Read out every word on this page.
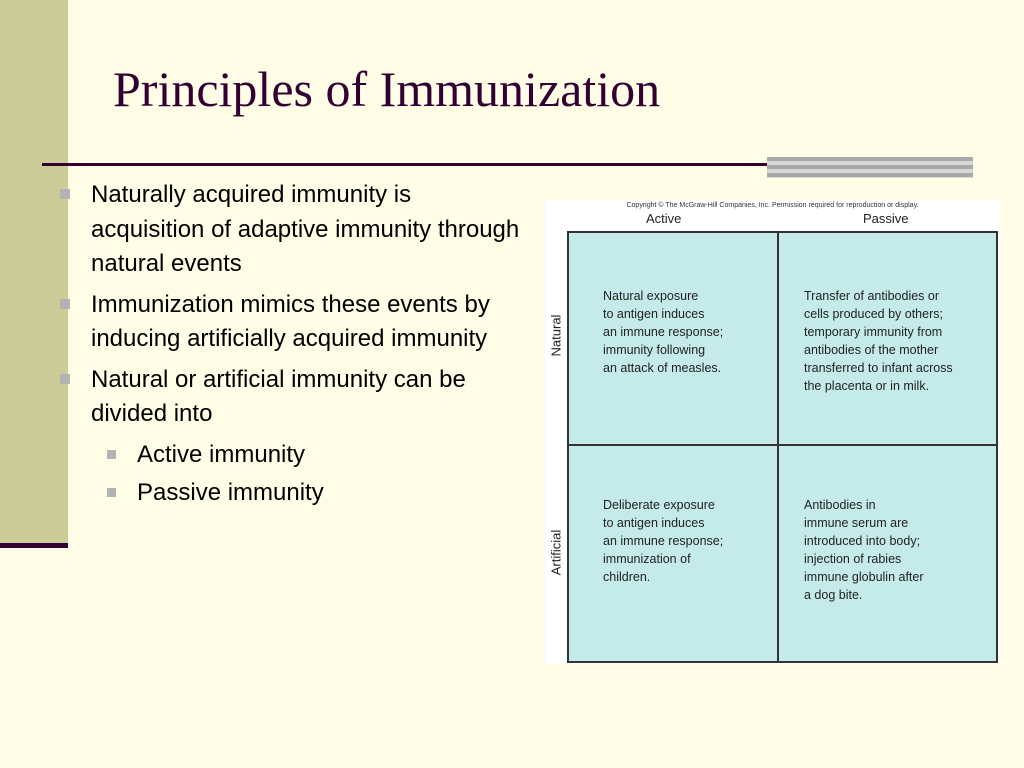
Principles of Immunization
Naturally acquired immunity is acquisition of adaptive immunity through natural events
Immunization mimics these events by inducing artificially acquired immunity
Natural or artificial immunity can be divided into
Active immunity
Passive immunity
Copyright © The McGraw-Hill Companies, Inc. Permission required for reproduction or display.
Active	Passive
Natural
Artificial
Natural exposure
to antigen induces
an immune response;
immunity following
an attack of measles.
Transfer of antibodies or
cells produced by others;
temporary immunity from
antibodies of the mother
transferred to infant across
the placenta or in milk.
Deliberate exposure
to antigen induces
an immune response;
immunization of
children.
Antibodies in
immune serum are
introduced into body;
injection of rabies
immune globulin after
a dog bite.
